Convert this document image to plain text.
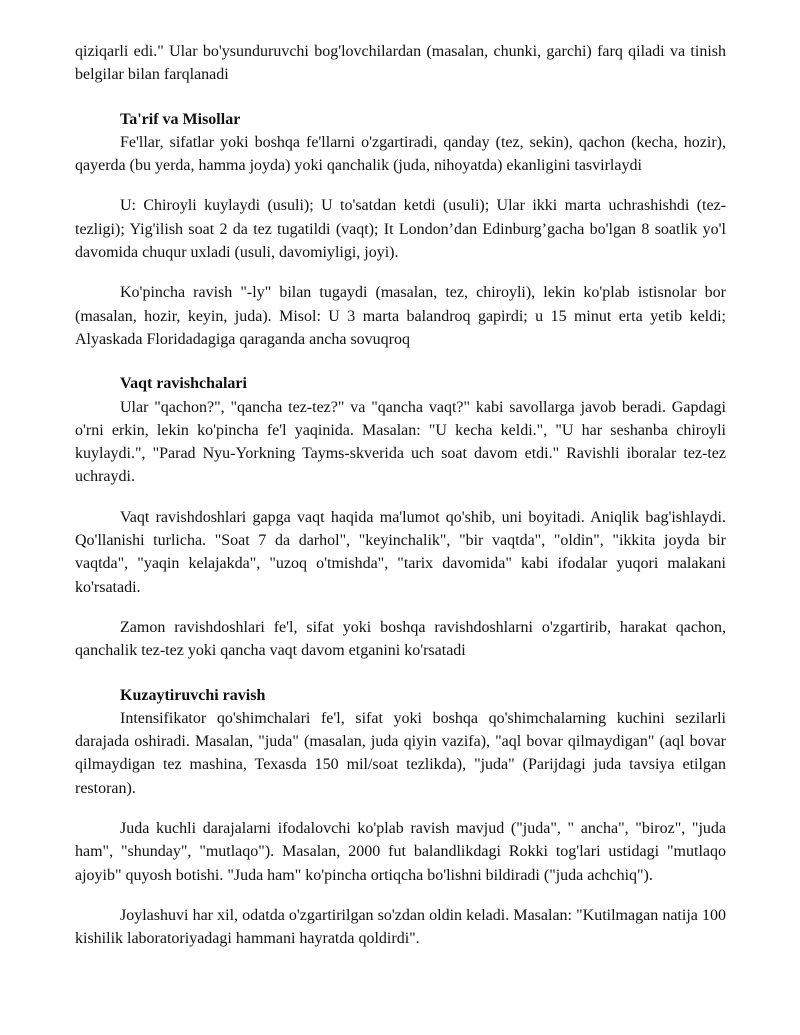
qiziqarli edi." Ular bo'ysunduruvchi bog'lovchilardan (masalan, chunki, garchi) farq qiladi va tinish belgilar bilan farqlanadi

Ta'rif va Misollar

Fe'llar, sifatlar yoki boshqa fe'llarni o'zgartiradi, qanday (tez, sekin), qachon (kecha, hozir), qayerda (bu yerda, hamma joyda) yoki qanchalik (juda, nihoyatda) ekanligini tasvirlaydi

U: Chiroyli kuylaydi (usuli); U to'satdan ketdi (usuli); Ular ikki marta uchrashishdi (tez-tezligi); Yig'ilish soat 2 da tez tugatildi (vaqt); It London’dan Edinburg’gacha bo'lgan 8 soatlik yo'l davomida chuqur uxladi (usuli, davomiyligi, joyi).

Ko'pincha ravish "-ly" bilan tugaydi (masalan, tez, chiroyli), lekin ko'plab istisnolar bor (masalan, hozir, keyin, juda). Misol: U 3 marta balandroq gapirdi; u 15 minut erta yetib keldi; Alyaskada Floridadagiga qaraganda ancha sovuqroq

Vaqt ravishchalari

Ular "qachon?", "qancha tez-tez?" va "qancha vaqt?" kabi savollarga javob beradi. Gapdagi o'rni erkin, lekin ko'pincha fe'l yaqinida. Masalan: "U kecha keldi.", "U har seshanba chiroyli kuylaydi.", "Parad Nyu-Yorkning Tayms-skverida uch soat davom etdi." Ravishli iboralar tez-tez uchraydi.

Vaqt ravishdoshlari gapga vaqt haqida ma'lumot qo'shib, uni boyitadi. Aniqlik bag'ishlaydi. Qo'llanishi turlicha. "Soat 7 da darhol", "keyinchalik", "bir vaqtda", "oldin", "ikkita joyda bir vaqtda", "yaqin kelajakda", "uzoq o'tmishda", "tarix davomida" kabi ifodalar yuqori malakani ko'rsatadi.

Zamon ravishdoshlari fe'l, sifat yoki boshqa ravishdoshlarni o'zgartirib, harakat qachon, qanchalik tez-tez yoki qancha vaqt davom etganini ko'rsatadi

Kuzaytiruvchi ravish

Intensifikator qo'shimchalari fe'l, sifat yoki boshqa qo'shimchalarning kuchini sezilarli darajada oshiradi. Masalan, "juda" (masalan, juda qiyin vazifa), "aql bovar qilmaydigan" (aql bovar qilmaydigan tez mashina, Texasda 150 mil/soat tezlikda), "juda" (Parijdagi juda tavsiya etilgan restoran).

Juda kuchli darajalarni ifodalovchi ko'plab ravish mavjud ("juda", " ancha", "biroz", "juda ham", "shunday", "mutlaqo"). Masalan, 2000 fut balandlikdagi Rokki tog'lari ustidagi "mutlaqo ajoyib" quyosh botishi. "Juda ham" ko'pincha ortiqcha bo'lishni bildiradi ("juda achchiq").

Joylashuvi har xil, odatda o'zgartirilgan so'zdan oldin keladi. Masalan: "Kutilmagan natija 100 kishilik laboratoriyadagi hammani hayratda qoldirdi".
